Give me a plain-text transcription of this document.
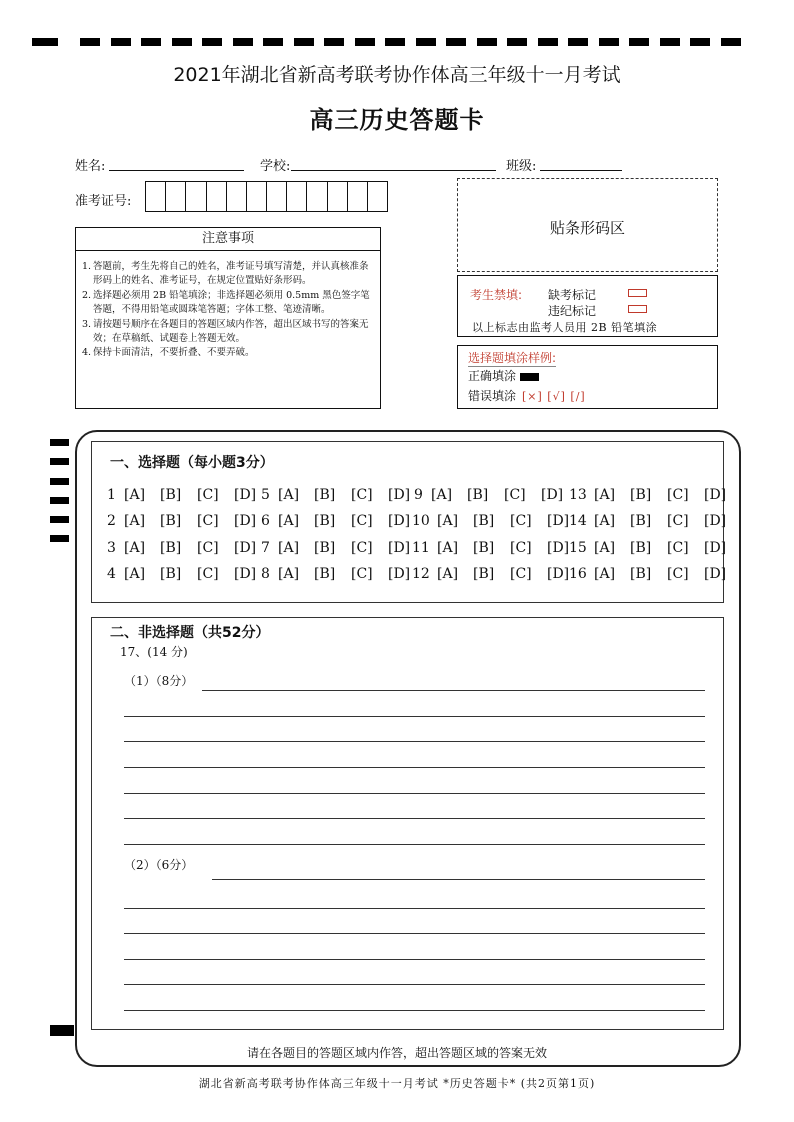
2021年湖北省新高考联考协作体高三年级十一月考试
高三历史答题卡
姓名:	学校:	班级:
准考证号:
贴条形码区
注意事项
1. 答题前，考生先将自己的姓名，准考证号填写清楚，并认真核准条形码上的姓名、准考证号，在规定位置贴好条形码。
2. 选择题必须用 2B 铅笔填涂；非选择题必须用 0.5mm 黑色签字笔答题，不得用铅笔或圆珠笔答题；字体工整、笔迹清晰。
3. 请按题号顺序在各题目的答题区域内作答，超出区域书写的答案无效；在草稿纸、试题卷上答题无效。
4. 保持卡面清洁，不要折叠、不要弄破。
考生禁填: 缺考标记
违纪标记
以上标志由监考人员用 2B 铅笔填涂
选择题填涂样例:
正确填涂
错误填涂 [×] [√] [/]
一、选择题（每小题3分）
1 [A] [B] [C] [D] 5 [A] [B] [C] [D] 9 [A] [B] [C] [D] 13 [A] [B] [C] [D]
2 [A] [B] [C] [D] 6 [A] [B] [C] [D] 10 [A] [B] [C] [D] 14 [A] [B] [C] [D]
3 [A] [B] [C] [D] 7 [A] [B] [C] [D] 11 [A] [B] [C] [D] 15 [A] [B] [C] [D]
4 [A] [B] [C] [D] 8 [A] [B] [C] [D] 12 [A] [B] [C] [D] 16 [A] [B] [C] [D]
二、非选择题（共52分）
17、(14 分)
（1）（8分）
（2）（6分）
请在各题目的答题区域内作答，超出答题区域的答案无效
湖北省新高考联考协作体高三年级十一月考试 *历史答题卡* (共2页第1页)
